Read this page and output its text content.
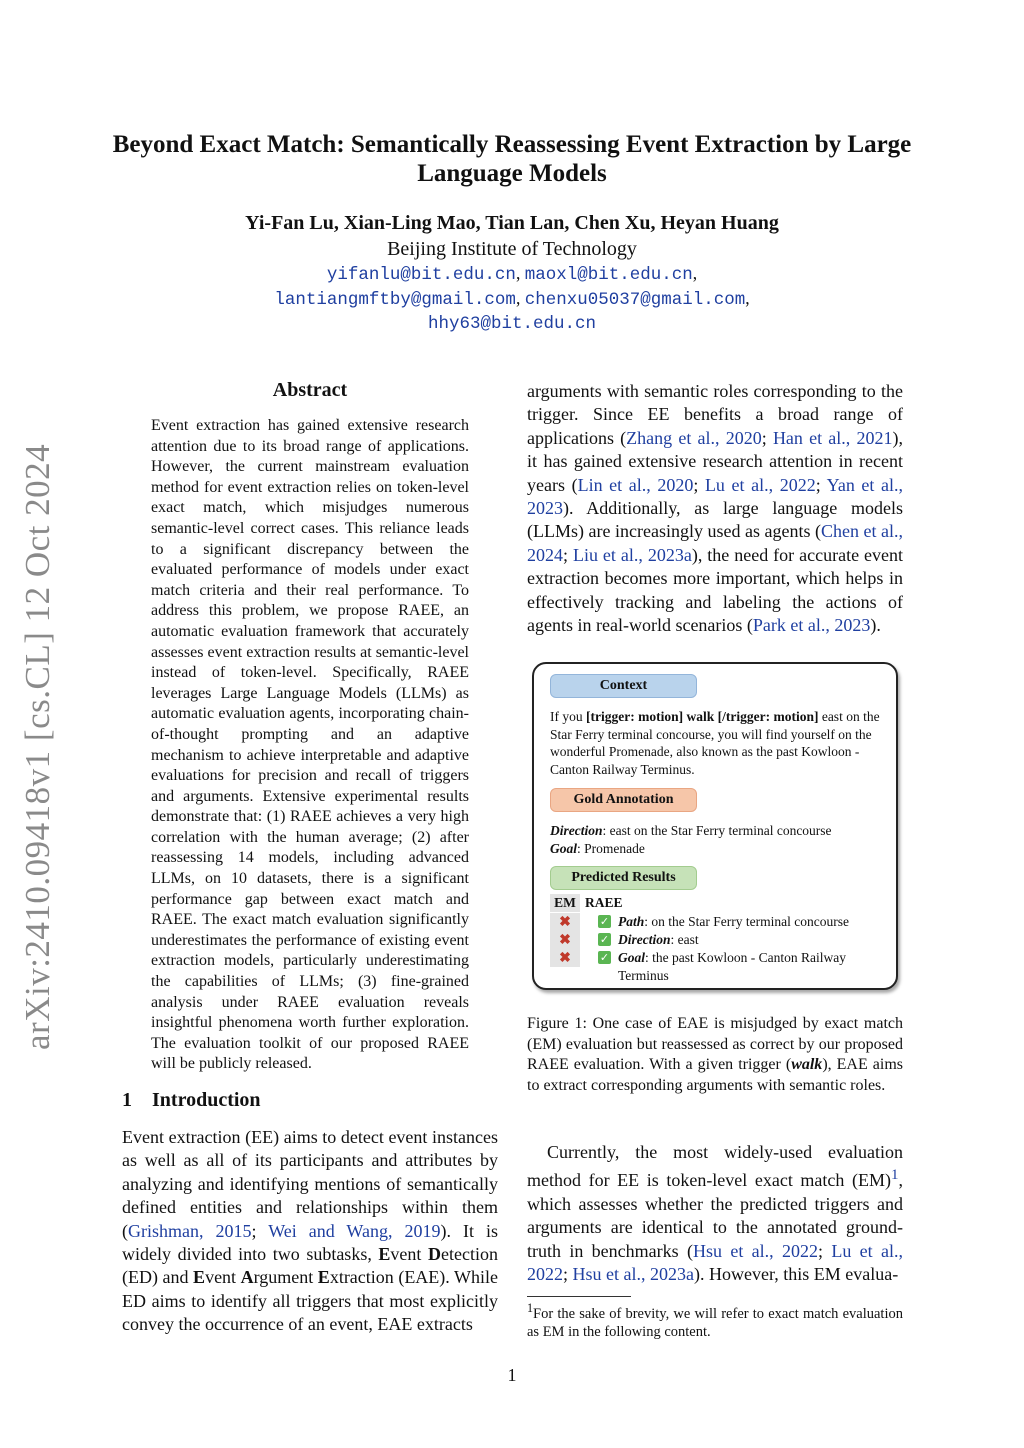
arXiv:2410.09418v1 [cs.CL] 12 Oct 2024
Beyond Exact Match: Semantically Reassessing Event Extraction by Large Language Models
Yi-Fan Lu, Xian-Ling Mao, Tian Lan, Chen Xu, Heyan Huang
Beijing Institute of Technology
yifanlu@bit.edu.cn, maoxl@bit.edu.cn,
lantiangmftby@gmail.com, chenxu05037@gmail.com,
hhy63@bit.edu.cn
Abstract
Event extraction has gained extensive research attention due to its broad range of applications. However, the current mainstream evaluation method for event extraction relies on token-level exact match, which misjudges numerous semantic-level correct cases. This reliance leads to a significant discrepancy between the evaluated performance of models under exact match criteria and their real performance. To address this problem, we propose RAEE, an automatic evaluation framework that accurately assesses event extraction results at semantic-level instead of token-level. Specifically, RAEE leverages Large Language Models (LLMs) as automatic evaluation agents, incorporating chain-of-thought prompting and an adaptive mechanism to achieve interpretable and adaptive evaluations for precision and recall of triggers and arguments. Extensive experimental results demonstrate that: (1) RAEE achieves a very high correlation with the human average; (2) after reassessing 14 models, including advanced LLMs, on 10 datasets, there is a significant performance gap between exact match and RAEE. The exact match evaluation significantly underestimates the performance of existing event extraction models, particularly underestimating the capabilities of LLMs; (3) fine-grained analysis under RAEE evaluation reveals insightful phenomena worth further exploration. The evaluation toolkit of our proposed RAEE will be publicly released.
1 Introduction
Event extraction (EE) aims to detect event instances as well as all of its participants and attributes by analyzing and identifying mentions of semantically defined entities and relationships within them (Grishman, 2015; Wei and Wang, 2019). It is widely divided into two subtasks, Event Detection (ED) and Event Argument Extraction (EAE). While ED aims to identify all triggers that most explicitly convey the occurrence of an event, EAE extracts
arguments with semantic roles corresponding to the trigger. Since EE benefits a broad range of applications (Zhang et al., 2020; Han et al., 2021), it has gained extensive research attention in recent years (Lin et al., 2020; Lu et al., 2022; Yan et al., 2023). Additionally, as large language models (LLMs) are increasingly used as agents (Chen et al., 2024; Liu et al., 2023a), the need for accurate event extraction becomes more important, which helps in effectively tracking and labeling the actions of agents in real-world scenarios (Park et al., 2023).
Context
If you [trigger: motion] walk [/trigger: motion] east on the Star Ferry terminal concourse, you will find yourself on the wonderful Promenade, also known as the past Kowloon - Canton Railway Terminus.
Gold Annotation
Direction: east on the Star Ferry terminal concourse
Goal: Promenade
Predicted Results
EM RAEE
✖	✓ Path: on the Star Ferry terminal concourse
✖	✓ Direction: east
✖	✓ Goal: the past Kowloon - Canton Railway Terminus
Figure 1: One case of EAE is misjudged by exact match (EM) evaluation but reassessed as correct by our proposed RAEE evaluation. With a given trigger (walk), EAE aims to extract corresponding arguments with semantic roles.
Currently, the most widely-used evaluation method for EE is token-level exact match (EM)$^1$, which assesses whether the predicted triggers and arguments are identical to the annotated ground-truth in benchmarks (Hsu et al., 2022; Lu et al., 2022; Hsu et al., 2023a). However, this EM evalua-
$^1$For the sake of brevity, we will refer to exact match evaluation as EM in the following content.
1
